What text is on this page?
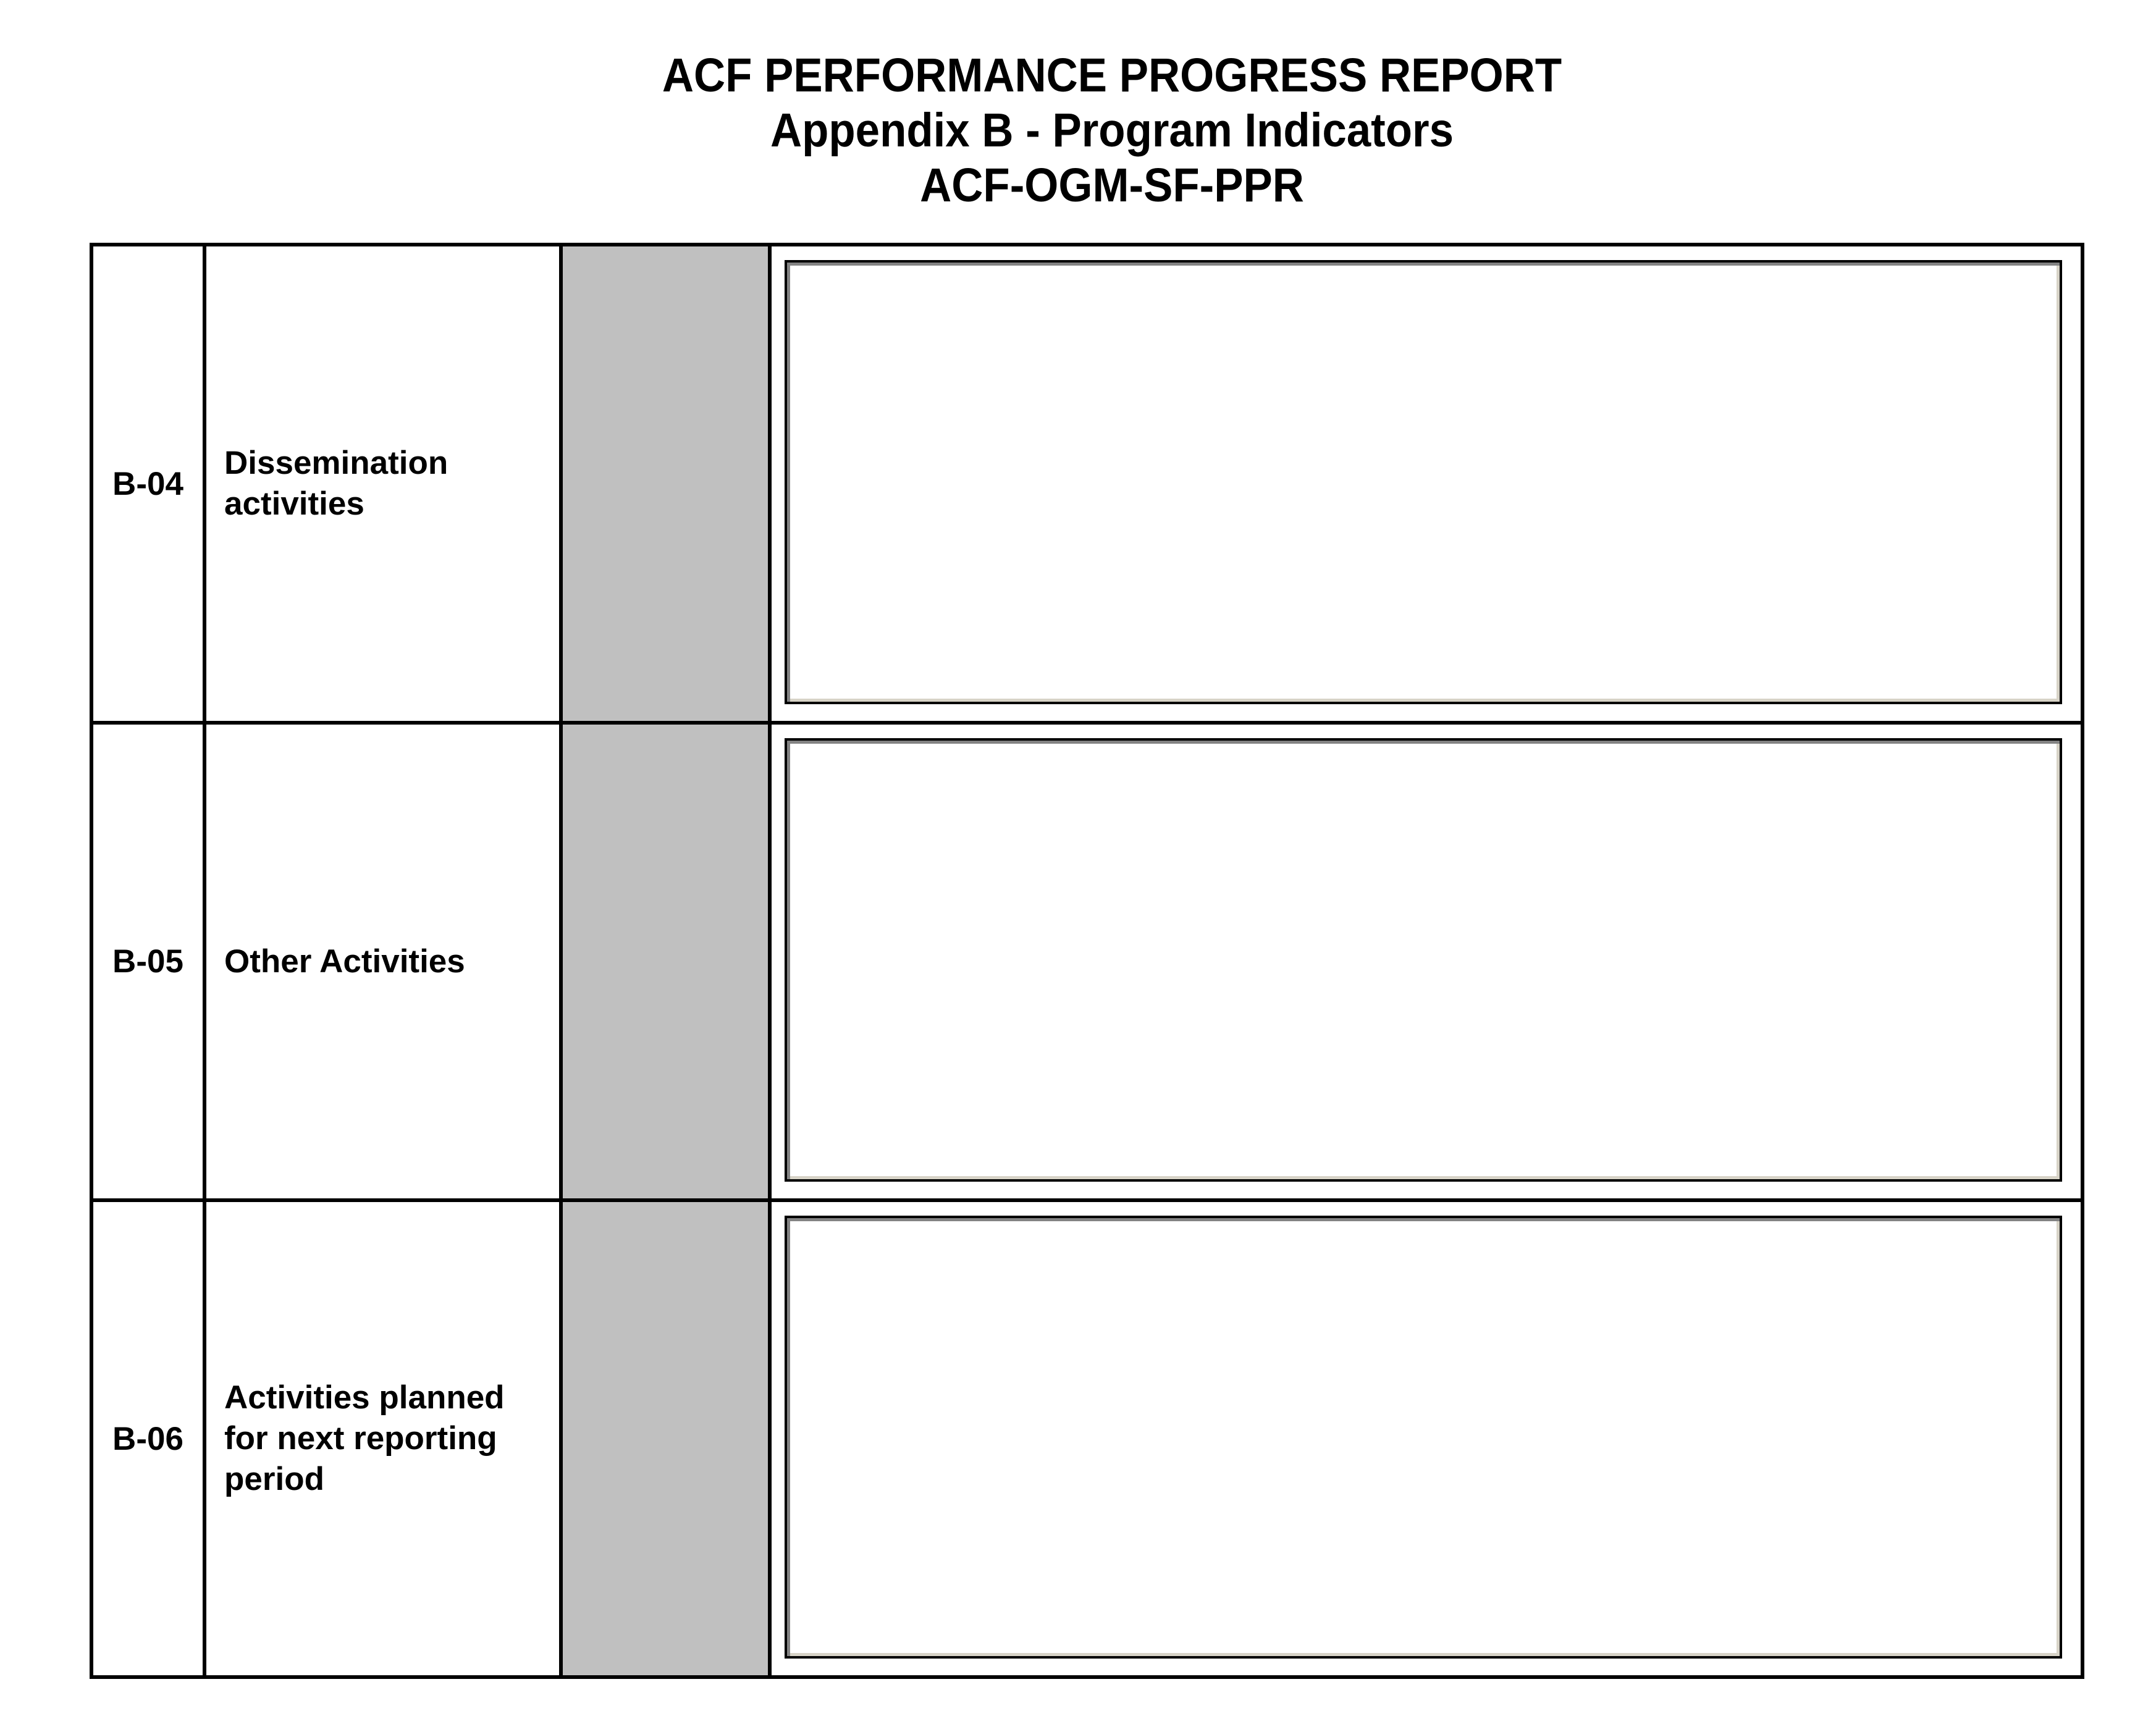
ACF PERFORMANCE PROGRESS REPORT
Appendix B - Program Indicators
ACF-OGM-SF-PPR
B-04
Dissemination
activities
B-05 Other Activities
B-06
Activities planned
for next reporting
period
